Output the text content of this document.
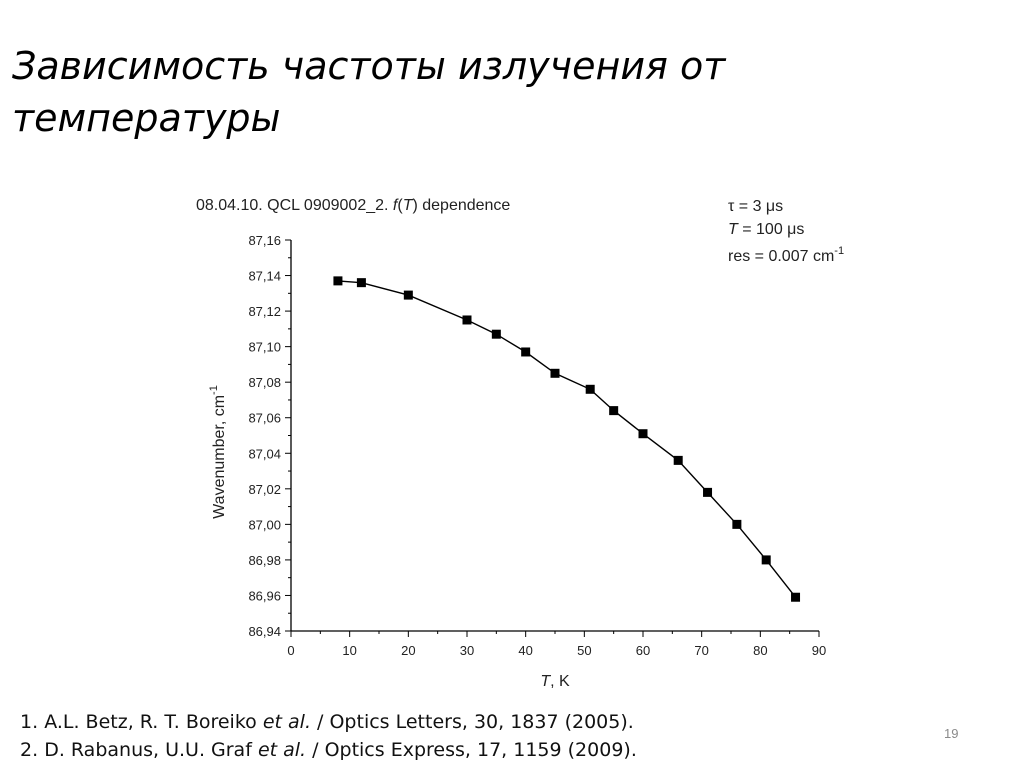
Зависимость частоты излучения от
температуры
08.04.10. QCL 0909002_2. f(T) dependence	τ = 3 μs
T = 100 μs
res = 0.007 $cm^{-1}$
86,94
86,96
86,98
87,00
87,02
87,04
87,06
87,08
87,10
87,12
87,14
87,16
0	10	20	30	40	50	60	70	80	90
Wavenumber, $cm^{-1}$
T, K
1. A.L. Betz, R. T. Boreiko et al. / Optics Letters, 30, 1837 (2005).
2. D. Rabanus, U.U. Graf et al. / Optics Express, 17, 1159 (2009).
19
